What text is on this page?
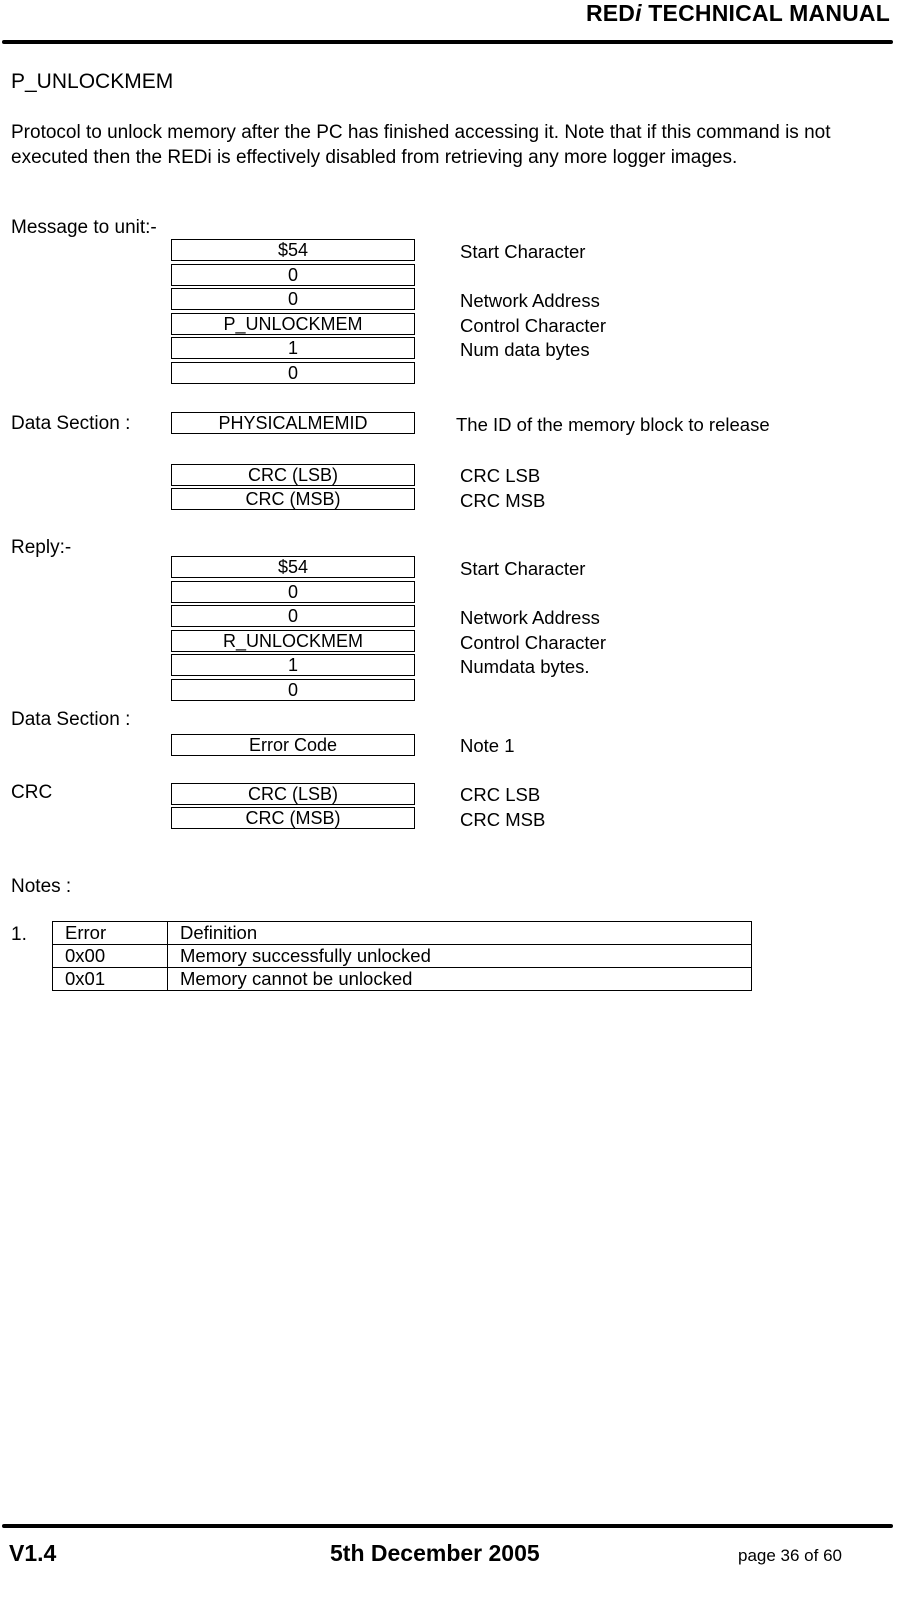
REDi TECHNICAL MANUAL
P_UNLOCKMEM
Protocol to unlock memory after the PC has finished accessing it. Note that if this command is not
executed then the REDi is effectively disabled from retrieving any more logger images.
Message to unit:-
$54	Start Character
0
0	Network Address
P_UNLOCKMEM	Control Character
1	Num data bytes
0
Data Section :	PHYSICALMEMID	The ID of the memory block to release
CRC (LSB)	CRC LSB
CRC (MSB)	CRC MSB
Reply:-
$54	Start Character
0
0	Network Address
R_UNLOCKMEM	Control Character
1	Numdata bytes.
0
Data Section :
Error Code	Note 1
CRC	CRC (LSB)	CRC LSB
CRC (MSB)	CRC MSB
Notes :
1. Error	Definition
0x00	Memory successfully unlocked
0x01	Memory cannot be unlocked
V1.4	5th December 2005	page 36 of 60
